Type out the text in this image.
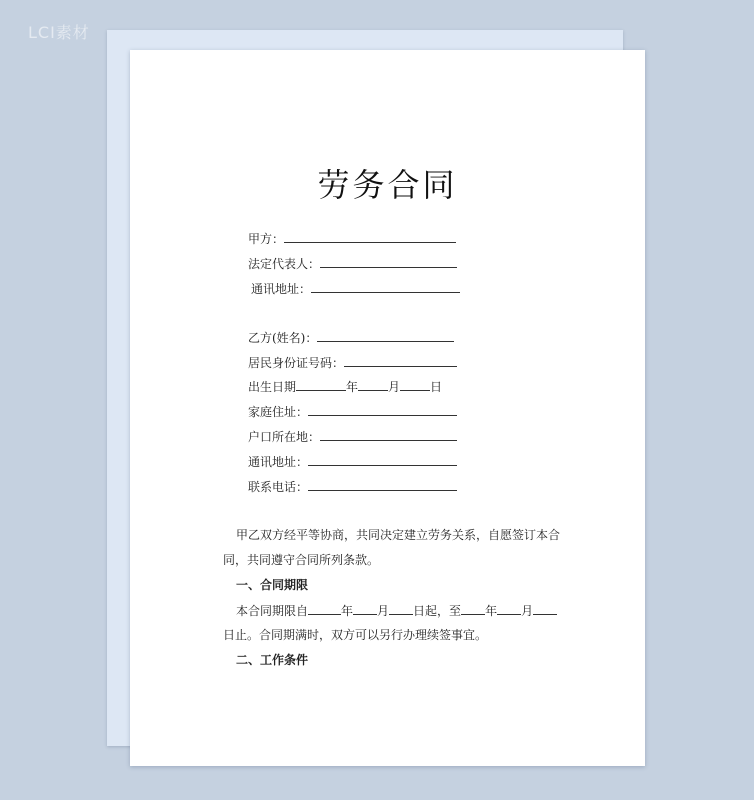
LCI素材
劳务合同
甲方：
法定代表人：
通讯地址：
乙方(姓名)：
居民身份证号码：
出生日期	年	月	日
家庭住址：
户口所在地：
通讯地址：
联系电话：
甲乙双方经平等协商，共同决定建立劳务关系，自愿签订本合
同，共同遵守合同所列条款。
一、合同期限
本合同期限自	年 月 日起，至 年 月
日止。合同期满时，双方可以另行办理续签事宜。
二、工作条件
